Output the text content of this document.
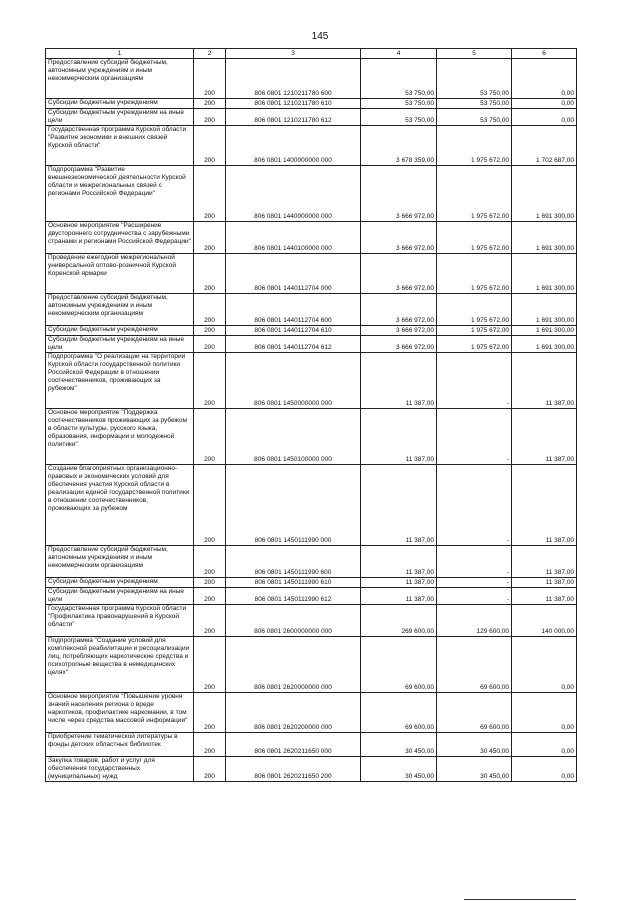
145
1	2	3	4	5	6
Предоставление субсидий бюджетным, автономным учреждениям и иным некоммерческим организациям	200	806 0801 1210211780 600	53 750,00	53 750,00	0,00
Субсидии бюджетным учреждениям	200	806 0801 1210211780 610	53 750,00	53 750,00	0,00
Субсидии бюджетным учреждениям на иные цели	200	806 0801 1210211780 612	53 750,00	53 750,00	0,00
Государственная программа Курской области "Развитие экономики и внешних связей Курской области"	200	806 0801 1400000000 000	3 678 359,00	1 975 672,00	1 702 687,00
Подпрограмма "Развитие внешнеэкономической деятельности Курской области и межрегиональных связей с регионами Российской Федерации"	200	806 0801 1440000000 000	3 666 972,00	1 975 672,00	1 691 300,00
Основное мероприятие "Расширение двустороннего сотрудничества с зарубежными странами и регионами Российской Федерации"	200	806 0801 1440100000 000	3 666 972,00	1 975 672,00	1 691 300,00
Проведение ежегодной межрегиональной универсальной оптово-розничной Курской Коренской ярмарки	200	806 0801 1440112704 000	3 666 972,00	1 975 672,00	1 691 300,00
Предоставление субсидий бюджетным, автономным учреждениям и иным некоммерческим организациям	200	806 0801 1440112704 600	3 666 972,00	1 975 672,00	1 691 300,00
Субсидии бюджетным учреждениям	200	806 0801 1440112704 610	3 666 972,00	1 975 672,00	1 691 300,00
Субсидии бюджетным учреждениям на иные цели	200	806 0801 1440112704 612	3 666 972,00	1 975 672,00	1 691 300,00
Подпрограмма "О реализации на территории Курской области государственной политики Российской Федерации в отношении соотечественников, проживающих за рубежом"	200	806 0801 1450000000 000	11 387,00	-	11 387,00
Основное мероприятие "Поддержка соотечественников проживающих за рубежом в области культуры, русского языка, образования, информации и молодежной политики"	200	806 0801 1450100000 000	11 387,00	-	11 387,00
Создание благоприятных организационно-правовых и экономических условий для обеспечения участия Курской области в реализации единой государственной политики в отношении соотечественников, проживающих за рубежом	200	806 0801 1450111990 000	11 387,00	-	11 387,00
Предоставление субсидий бюджетным, автономным учреждениям и иным некоммерческим организациям	200	806 0801 1450111990 600	11 387,00	-	11 387,00
Субсидии бюджетным учреждениям	200	806 0801 1450111990 610	11 387,00	-	11 387,00
Субсидии бюджетным учреждениям на иные цели	200	806 0801 1450111990 612	11 387,00	-	11 387,00
Государственная программа Курской области "Профилактика правонарушений в Курской области"	200	806 0801 2600000000 000	269 600,00	129 600,00	140 000,00
Подпрограмма "Создание условий для комплексной реабилитации и ресоциализации лиц, потребляющих наркотические средства и психотропные вещества в немедицинских целях"	200	806 0801 2620000000 000	69 600,00	69 600,00	0,00
Основное мероприятие "Повышение уровня знаний населения региона о вреде наркотиков, профилактике наркомании, в том числе через средства массовой информации"	200	806 0801 2620200000 000	69 600,00	69 600,00	0,00
Приобретение тематической литературы в фонды детских областных библиотек	200	806 0801 2620211650 000	30 450,00	30 450,00	0,00
Закупка товаров, работ и услуг для обеспечения государственных (муниципальных) нужд	200	806 0801 2620211650 200	30 450,00	30 450,00	0,00
